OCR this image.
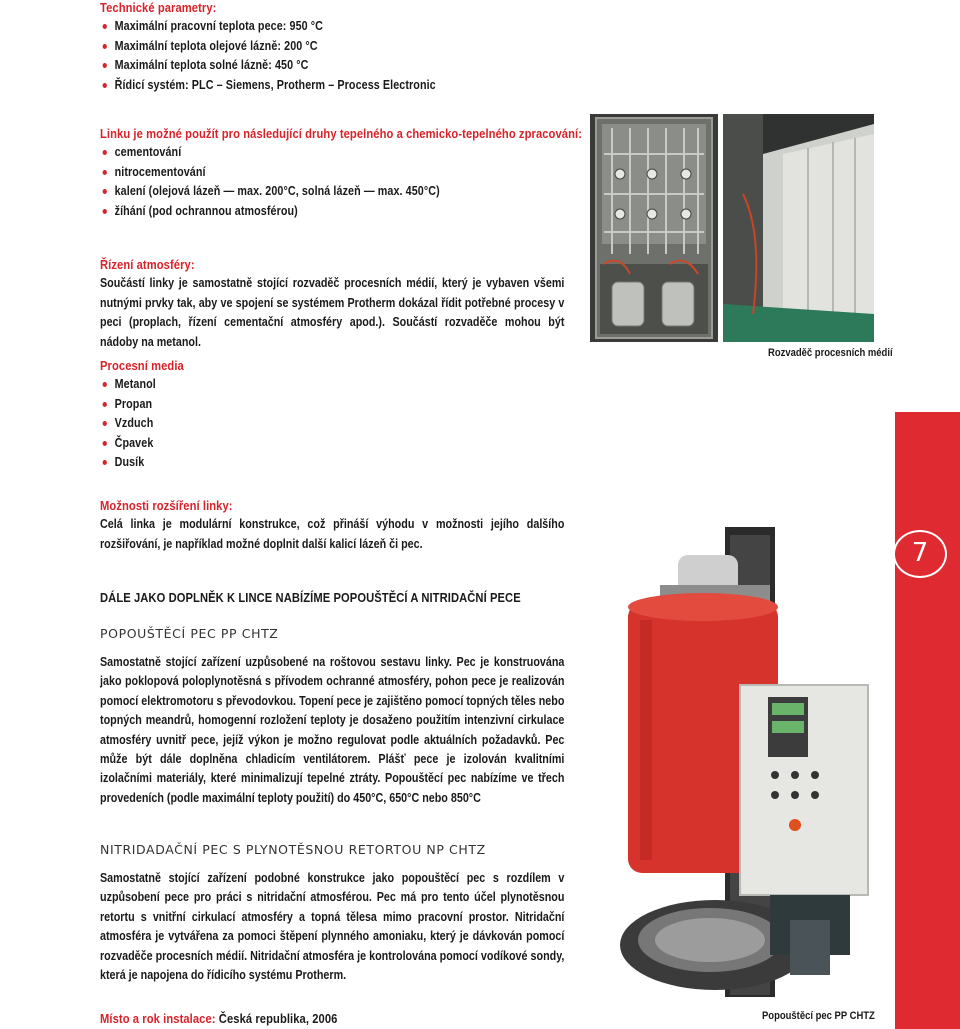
7
Technické parametry:
Maximální pracovní teplota pece: 950 °C
Maximální teplota olejové lázně: 200 °C
Maximální teplota solné lázně: 450 °C
Řídicí systém: PLC – Siemens, Protherm – Process Electronic
Linku je možné použít pro následující druhy tepelného a chemicko-tepelného zpracování:
cementování
nitrocementování
kalení (olejová lázeň — max. 200°C, solná lázeň — max. 450°C)
žíhání (pod ochrannou atmosférou)
Řízení atmosféry:
Součástí linky je samostatně stojící rozvaděč procesních médií, který je vybaven všemi nutnými prvky tak, aby ve spojení se systémem Protherm dokázal řídit potřebné procesy v peci (proplach, řízení cementační atmosféry apod.). Součástí rozvaděče mohou být nádoby na metanol.
Procesní media
Metanol
Propan
Vzduch
Čpavek
Dusík
Možnosti rozšíření linky:
Celá linka je modulární konstrukce, což přináší výhodu v možnosti jejího dalšího rozšiřování, je například možné doplnit další kalicí lázeň či pec.
DÁLE JAKO DOPLNĚK K LINCE NABÍZÍME POPOUŠTĚCÍ A NITRIDAČNÍ PECE
POPOUŠTĚCÍ PEC PP CHTZ
Samostatně stojící zařízení uzpůsobené na roštovou sestavu linky. Pec je konstruována jako poklopová poloplynotěsná s přívodem ochranné atmosféry, pohon pece je realizován pomocí elektromotoru s převodovkou. Topení pece je zajištěno pomocí topných těles nebo topných meandrů, homogenní rozložení teploty je dosaženo použitím intenzivní cirkulace atmosféry uvnitř pece, jejíž výkon je možno regulovat podle aktuálních požadavků. Pec může být dále doplněna chladicím ventilátorem. Plášť pece je izolován kvalitními izolačními materiály, které minimalizují tepelné ztráty. Popouštěcí pec nabízíme ve třech provedeních (podle maximální teploty použití) do 450°C, 650°C nebo 850°C
NITRIDADAČNÍ PEC S PLYNOTĚSNOU RETORTOU NP CHTZ
Samostatně stojící zařízení podobné konstrukce jako popouštěcí pec s rozdílem v uzpůsobení pece pro práci s nitridační atmosférou. Pec má pro tento účel plynotěsnou retortu s vnitřní cirkulací atmosféry a topná tělesa mimo pracovní prostor. Nitridační atmosféra je vytvářena za pomoci štěpení plynného amoniaku, který je dávkován pomocí rozvaděče procesních médií. Nitridační atmosféra je kontrolována pomocí vodíkové sondy, která je napojena do řídicího systému Protherm.
Místo a rok instalace: Česká republika, 2006
Rozvaděč procesních médií
Popouštěcí pec PP CHTZ
